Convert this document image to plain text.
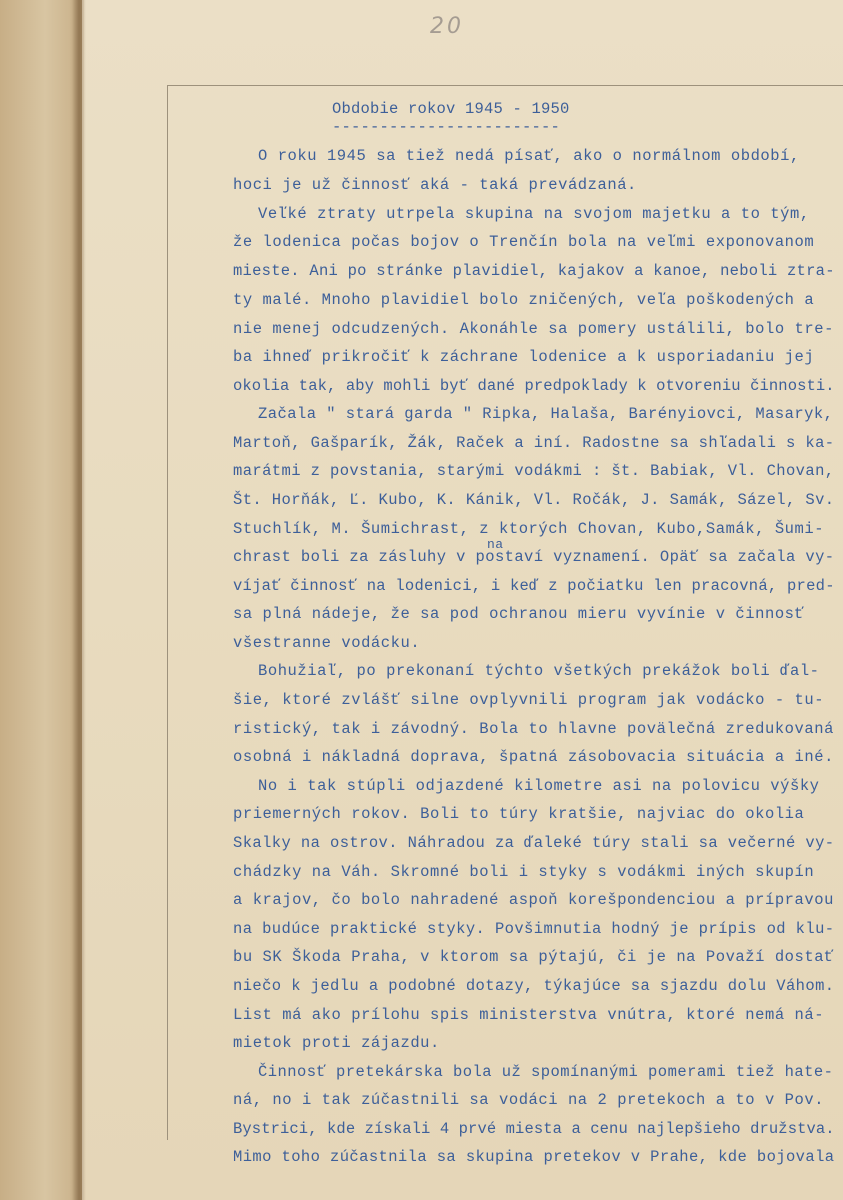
20
Obdobie rokov 1945 - 1950
------------------------
O roku 1945 sa tiež nedá písať, ako o normálnom období,
hoci je už činnosť aká - taká prevádzaná.
Veľké ztraty utrpela skupina na svojom majetku a to tým,
že lodenica počas bojov o Trenčín bola na veľmi exponovanom
mieste. Ani po stránke plavidiel, kajakov a kanoe, neboli ztra-
ty malé. Mnoho plavidiel bolo zničených, veľa poškodených a
nie menej odcudzených. Akonáhle sa pomery ustálili, bolo tre-
ba ihneď prikročiť k záchrane lodenice a k usporiadaniu jej
okolia tak, aby mohli byť dané predpoklady k otvoreniu činnosti.
Začala " stará garda " Ripka, Halaša, Barényiovci, Masaryk,
Martoň, Gašparík, Žák, Raček a iní. Radostne sa shľadali s ka-
marátmi z povstania, starými vodákmi : št. Babiak, Vl. Chovan,
Št. Horňák, Ľ. Kubo, K. Kánik, Vl. Ročák, J. Samák, Sázel, Sv.
Stuchlík, M. Šumichrast, z ktorých Chovan, Kubo,Samák, Šumi-
na
chrast boli za zásluhy v postaví vyznamení. Opäť sa začala vy-
víjať činnosť na lodenici, i keď z počiatku len pracovná, pred-
sa plná nádeje, že sa pod ochranou mieru vyvínie v činnosť
všestranne vodácku.
Bohužiaľ, po prekonaní týchto všetkých prekážok boli ďal-
šie, ktoré zvlášť silne ovplyvnili program jak vodácko - tu-
ristický, tak i závodný. Bola to hlavne povälečná zredukovaná
osobná i nákladná doprava, špatná zásobovacia situácia a iné.
No i tak stúpli odjazdené kilometre asi na polovicu výšky
priemerných rokov. Boli to túry kratšie, najviac do okolia
Skalky na ostrov. Náhradou za ďaleké túry stali sa večerné vy-
chádzky na Váh. Skromné boli i styky s vodákmi iných skupín
a krajov, čo bolo nahradené aspoň korešpondenciou a prípravou
na budúce praktické styky. Povšimnutia hodný je prípis od klu-
bu SK Škoda Praha, v ktorom sa pýtajú, či je na Považí dostať
niečo k jedlu a podobné dotazy, týkajúce sa sjazdu dolu Váhom.
List má ako prílohu spis ministerstva vnútra, ktoré nemá ná-
mietok proti zájazdu.
Činnosť pretekárska bola už spomínanými pomerami tiež hate-
ná, no i tak zúčastnili sa vodáci na 2 pretekoch a to v Pov.
Bystrici, kde získali 4 prvé miesta a cenu najlepšieho družstva.
Mimo toho zúčastnila sa skupina pretekov v Prahe, kde bojovala
